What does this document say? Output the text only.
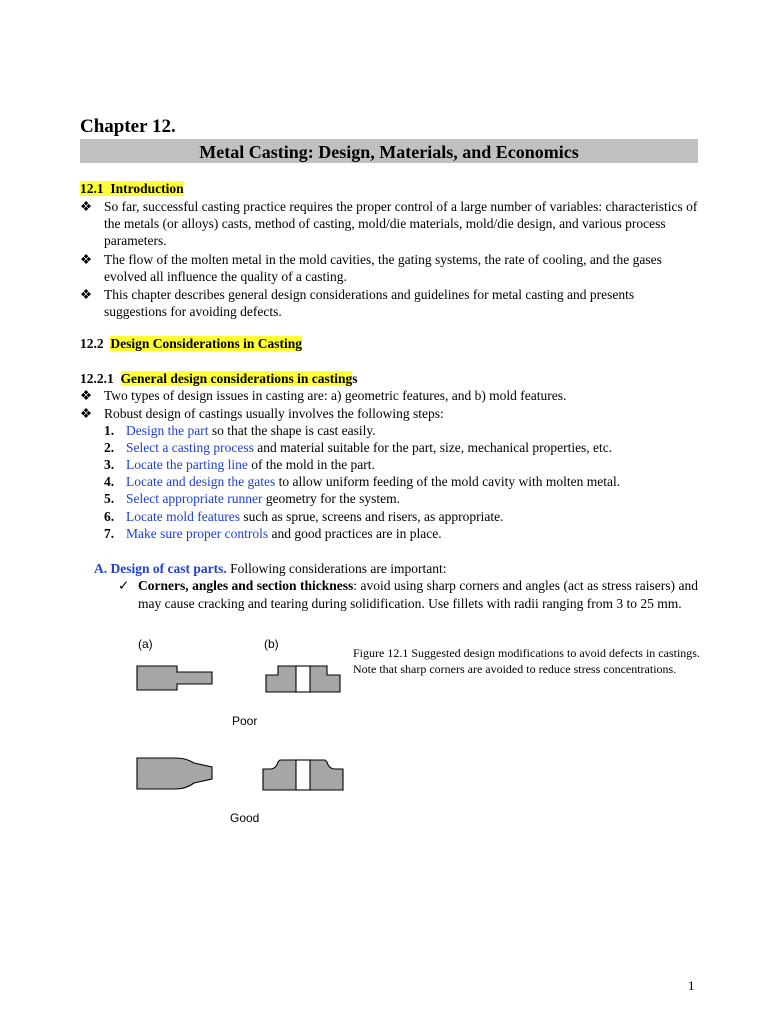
Chapter 12.
Metal Casting: Design, Materials, and Economics
12.1 Introduction
❖ So far, successful casting practice requires the proper control of a large number of variables: characteristics of the metals (or alloys) casts, method of casting, mold/die materials, mold/die design, and various process parameters.
❖ The flow of the molten metal in the mold cavities, the gating systems, the rate of cooling, and the gases evolved all influence the quality of a casting.
❖ This chapter describes general design considerations and guidelines for metal casting and presents suggestions for avoiding defects.
12.2 Design Considerations in Casting
12.2.1 General design considerations in castings
❖ Two types of design issues in casting are: a) geometric features, and b) mold features.
❖ Robust design of castings usually involves the following steps:
1. Design the part so that the shape is cast easily.
2. Select a casting process and material suitable for the part, size, mechanical properties, etc.
3. Locate the parting line of the mold in the part.
4. Locate and design the gates to allow uniform feeding of the mold cavity with molten metal.
5. Select appropriate runner geometry for the system.
6. Locate mold features such as sprue, screens and risers, as appropriate.
7. Make sure proper controls and good practices are in place.
A. Design of cast parts. Following considerations are important:
✓ Corners, angles and section thickness: avoid using sharp corners and angles (act as stress raisers) and may cause cracking and tearing during solidification. Use fillets with radii ranging from 3 to 25 mm.
(a)	(b)
Poor
Good
Figure 12.1 Suggested design modifications to avoid defects in castings. Note that sharp corners are avoided to reduce stress concentrations.
1
